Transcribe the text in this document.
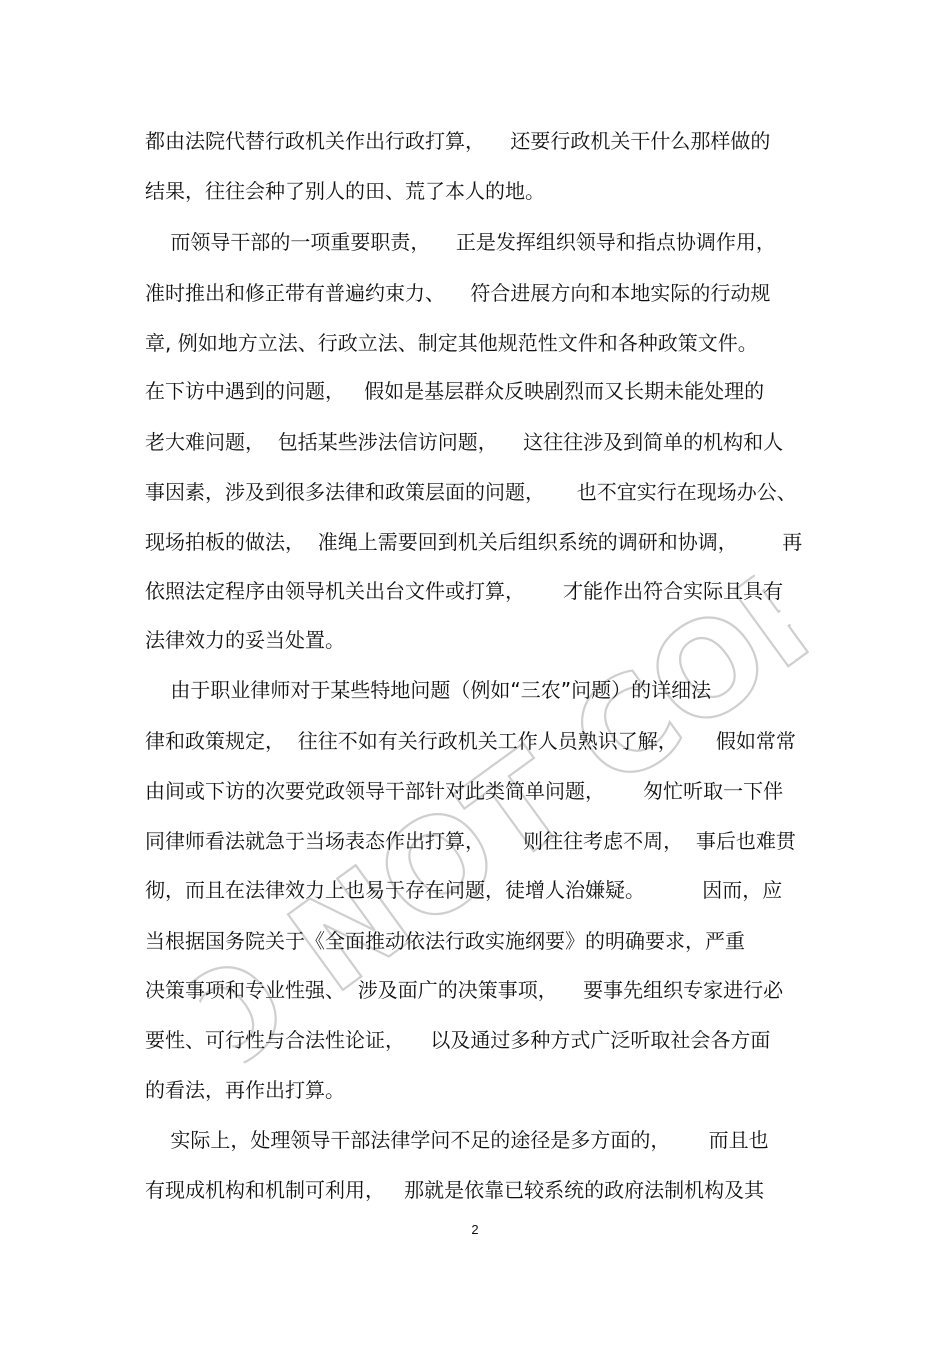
DO NOT COPY
都由法院代替行政机关作出行政打算，    还要行政机关干什么那样做的
结果，往往会种了别人的田、荒了本人的地。
而领导干部的一项重要职责，    正是发挥组织领导和指点协调作用，
准时推出和修正带有普遍约束力、    符合进展方向和本地实际的行动规
章, 例如地方立法、行政立法、制定其他规范性文件和各种政策文件。
在下访中遇到的问题，   假如是基层群众反映剧烈而又长期未能处理的
老大难问题，  包括某些涉法信访问题，    这往往涉及到简单的机构和人
事因素，涉及到很多法律和政策层面的问题，     也不宜实行在现场办公、
现场拍板的做法，  准绳上需要回到机关后组织系统的调研和协调，       再
依照法定程序由领导机关出台文件或打算，      才能作出符合实际且具有
法律效力的妥当处置。
由于职业律师对于某些特地问题（例如“三农”问题）的详细法
律和政策规定，  往往不如有关行政机关工作人员熟识了解，      假如常常
由间或下访的次要党政领导干部针对此类简单问题，      匆忙听取一下伴
同律师看法就急于当场表态作出打算，      则往往考虑不周，  事后也难贯
彻，而且在法律效力上也易于存在问题，徒增人治嫌疑。         因而，应
当根据国务院关于《全面推动依法行政实施纲要》的明确要求，严重
决策事项和专业性强、  涉及面广的决策事项，    要事先组织专家进行必
要性、可行性与合法性论证，    以及通过多种方式广泛听取社会各方面
的看法，再作出打算。
实际上，处理领导干部法律学问不足的途径是多方面的，      而且也
有现成机构和机制可利用，   那就是依靠已较系统的政府法制机构及其
2
